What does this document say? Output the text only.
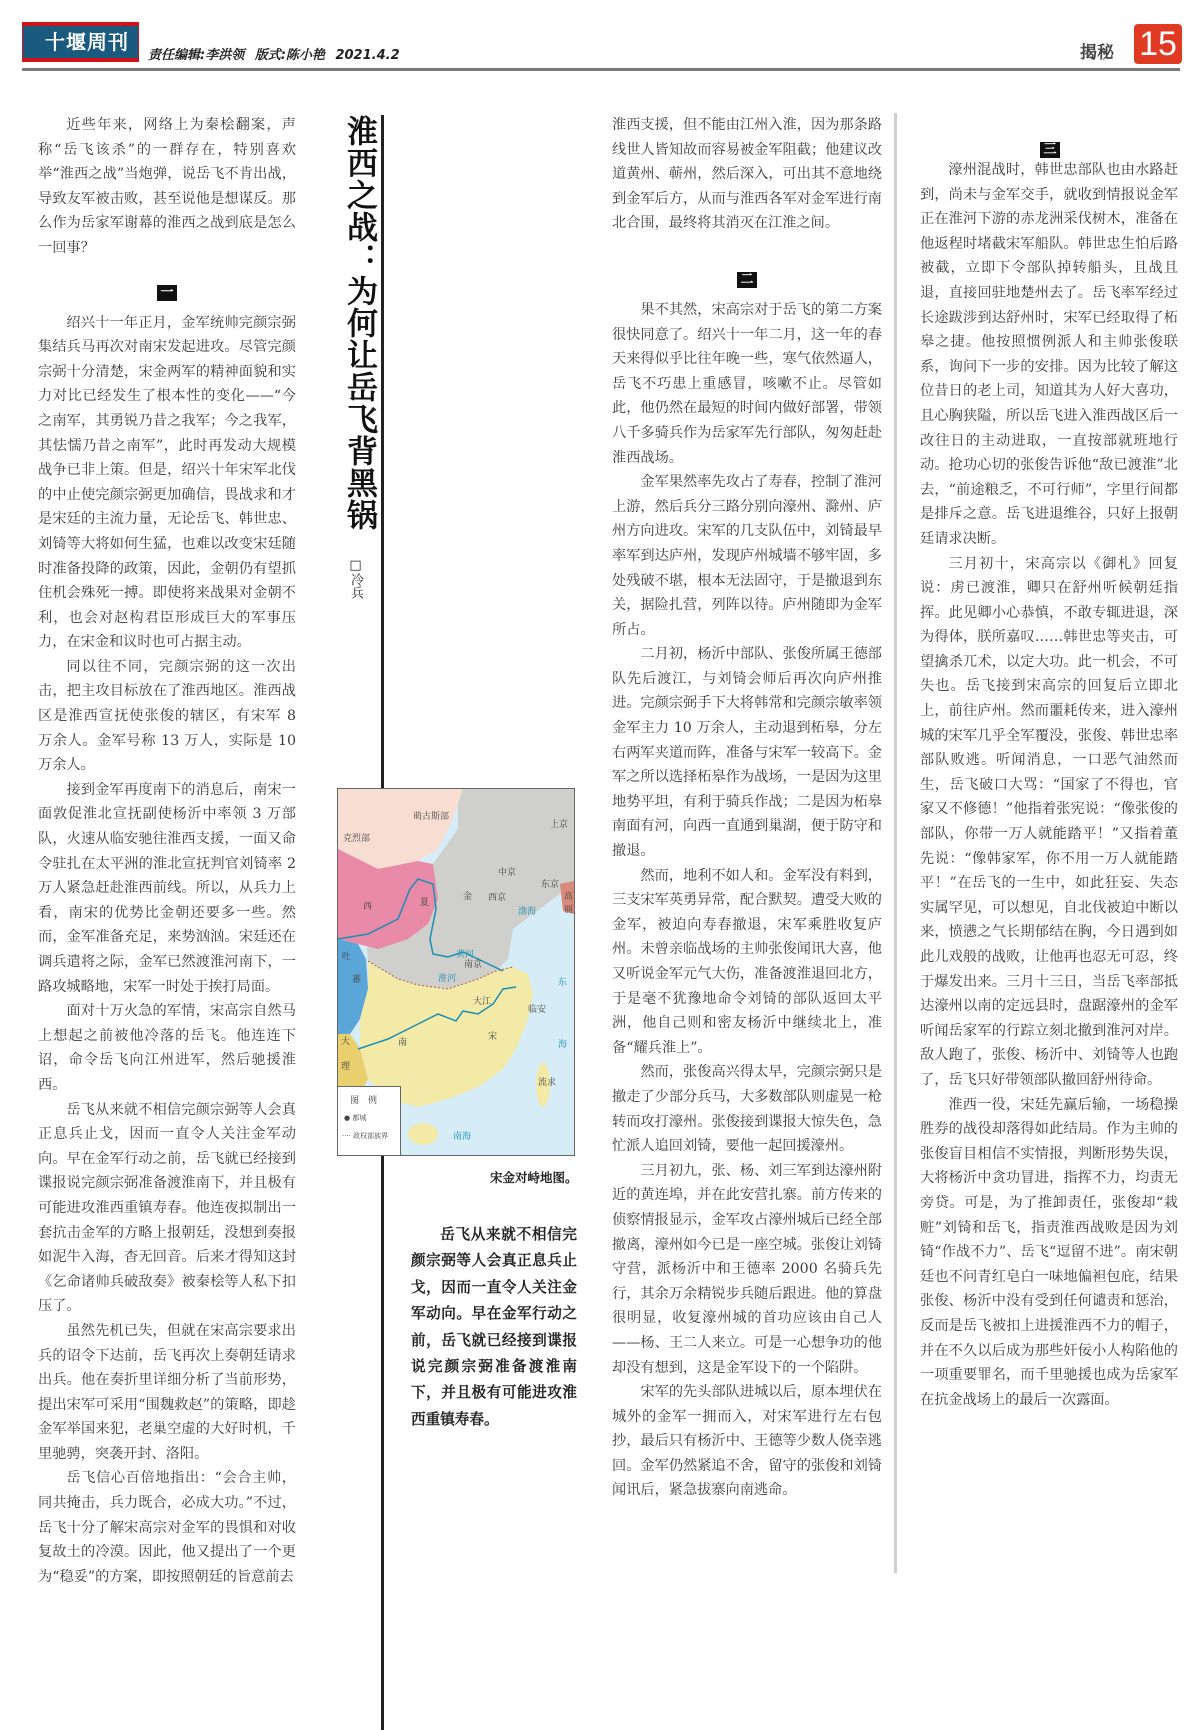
十堰周刊
责任编辑:李洪领 版式:陈小艳 2021.4.2	揭秘 15

近些年来，网络上为秦桧翻案，声称“岳飞该杀”的一群存在，特别喜欢举“淮西之战”当炮弹，说岳飞不肯出战，导致友军被击败，甚至说他是想谋反。那么作为岳家军谢幕的淮西之战到底是怎么一回事？

一

绍兴十一年正月，金军统帅完颜宗弼集结兵马再次对南宋发起进攻。尽管完颜宗弼十分清楚，宋金两军的精神面貌和实力对比已经发生了根本性的变化——“今之南军，其勇锐乃昔之我军；今之我军，其怯懦乃昔之南军”，此时再发动大规模战争已非上策。但是，绍兴十年宋军北伐的中止使完颜宗弼更加确信，畏战求和才是宋廷的主流力量，无论岳飞、韩世忠、刘锜等大将如何生猛，也难以改变宋廷随时准备投降的政策，因此，金朝仍有望抓住机会殊死一搏。即使将来战果对金朝不利，也会对赵构君臣形成巨大的军事压力，在宋金和议时也可占据主动。

同以往不同，完颜宗弼的这一次出击，把主攻目标放在了淮西地区。淮西战区是淮西宣抚使张俊的辖区，有宋军 8 万余人。金军号称 13 万人，实际是 10 万余人。

接到金军再度南下的消息后，南宋一面敦促淮北宣抚副使杨沂中率领 3 万部队，火速从临安驰往淮西支援，一面又命令驻扎在太平洲的淮北宣抚判官刘锜率 2 万人紧急赶赴淮西前线。所以，从兵力上看，南宋的优势比金朝还要多一些。然而，金军准备充足，来势汹汹。宋廷还在调兵遣将之际，金军已然渡淮河南下，一路攻城略地，宋军一时处于挨打局面。

面对十万火急的军情，宋高宗自然马上想起之前被他冷落的岳飞。他连连下诏，命令岳飞向江州进军，然后驰援淮西。

岳飞从来就不相信完颜宗弼等人会真正息兵止戈，因而一直令人关注金军动向。早在金军行动之前，岳飞就已经接到谍报说完颜宗弼准备渡淮南下，并且极有可能进攻淮西重镇寿春。他连夜拟制出一套抗击金军的方略上报朝廷，没想到奏报如泥牛入海，杳无回音。后来才得知这封《乞命诸帅兵破敌奏》被秦桧等人私下扣压了。

虽然先机已失，但就在宋高宗要求出兵的诏令下达前，岳飞再次上奏朝廷请求出兵。他在奏折里详细分析了当前形势，提出宋军可采用“围魏救赵”的策略，即趁金军举国来犯，老巢空虚的大好时机，千里驰骋，突袭开封、洛阳。

岳飞信心百倍地指出：“会合主帅，同共掩击，兵力既合，必成大功。”不过，岳飞十分了解宋高宗对金军的畏惧和对收复故土的冷漠。因此，他又提出了一个更为“稳妥”的方案，即按照朝廷的旨意前去

淮西之战：为何让岳飞背黑锅
□冷兵
克烈部
萌古斯部
上京
中京
东京
西京
金
西	夏
高丽
渤海
吐
蕃
南京
黄河
淮河
大江
临安
南
宋
大
理
东
海
流求
南海
图　例
● 都城
···· 政权部族界
宋金对峙地图。

岳飞从来就不相信完颜宗弼等人会真正息兵止戈，因而一直令人关注金军动向。早在金军行动之前，岳飞就已经接到谍报说完颜宗弼准备渡淮南下，并且极有可能进攻淮西重镇寿春。

淮西支援，但不能由江州入淮，因为那条路线世人皆知故而容易被金军阻截；他建议改道黄州、蕲州，然后深入，可出其不意地绕到金军后方，从而与淮西各军对金军进行南北合围，最终将其消灭在江淮之间。

二

果不其然，宋高宗对于岳飞的第二方案很快同意了。绍兴十一年二月，这一年的春天来得似乎比往年晚一些，寒气依然逼人，岳飞不巧患上重感冒，咳嗽不止。尽管如此，他仍然在最短的时间内做好部署，带领八千多骑兵作为岳家军先行部队，匆匆赶赴淮西战场。

金军果然率先攻占了寿春，控制了淮河上游，然后兵分三路分别向濠州、滁州、庐州方向进攻。宋军的几支队伍中，刘锜最早率军到达庐州，发现庐州城墙不够牢固，多处残破不堪，根本无法固守，于是撤退到东关，据险扎营，列阵以待。庐州随即为金军所占。

二月初，杨沂中部队、张俊所属王德部队先后渡江，与刘锜会师后再次向庐州推进。完颜宗弼手下大将韩常和完颜宗敏率领金军主力 10 万余人，主动退到柘皋，分左右两军夹道而阵，准备与宋军一较高下。金军之所以选择柘皋作为战场，一是因为这里地势平坦，有利于骑兵作战；二是因为柘皋南面有河，向西一直通到巢湖，便于防守和撤退。

然而，地利不如人和。金军没有料到，三支宋军英勇异常，配合默契。遭受大败的金军，被迫向寿春撤退，宋军乘胜收复庐州。未曾亲临战场的主帅张俊闻讯大喜，他又听说金军元气大伤，准备渡淮退回北方，于是毫不犹豫地命令刘锜的部队返回太平洲，他自己则和密友杨沂中继续北上，准备“耀兵淮上”。

然而，张俊高兴得太早，完颜宗弼只是撤走了少部分兵马，大多数部队则虚晃一枪转而攻打濠州。张俊接到谍报大惊失色，急忙派人追回刘锜，要他一起回援濠州。

三月初九，张、杨、刘三军到达濠州附近的黄连埠，并在此安营扎寨。前方传来的侦察情报显示，金军攻占濠州城后已经全部撤离，濠州如今已是一座空城。张俊让刘锜守营，派杨沂中和王德率 2000 名骑兵先行，其余万余精锐步兵随后跟进。他的算盘很明显，收复濠州城的首功应该由自己人——杨、王二人来立。可是一心想争功的他却没有想到，这是金军设下的一个陷阱。

宋军的先头部队进城以后，原本埋伏在城外的金军一拥而入，对宋军进行左右包抄，最后只有杨沂中、王德等少数人侥幸逃回。金军仍然紧追不舍，留守的张俊和刘锜闻讯后，紧急拔寨向南逃命。

三

濠州混战时，韩世忠部队也由水路赶到，尚未与金军交手，就收到情报说金军正在淮河下游的赤龙洲采伐树木，准备在他返程时堵截宋军船队。韩世忠生怕后路被截，立即下令部队掉转船头，且战且退，直接回驻地楚州去了。岳飞率军经过长途跋涉到达舒州时，宋军已经取得了柘皋之捷。他按照惯例派人和主帅张俊联系，询问下一步的安排。因为比较了解这位昔日的老上司，知道其为人好大喜功，且心胸狭隘，所以岳飞进入淮西战区后一改往日的主动进取，一直按部就班地行动。抢功心切的张俊告诉他“敌已渡淮”北去，“前途粮乏，不可行师”，字里行间都是排斥之意。岳飞进退维谷，只好上报朝廷请求决断。

三月初十，宋高宗以《御札》回复说：虏已渡淮，卿只在舒州听候朝廷指挥。此见卿小心恭慎，不敢专辄进退，深为得体，朕所嘉叹……韩世忠等夹击，可望擒杀兀术，以定大功。此一机会，不可失也。岳飞接到宋高宗的回复后立即北上，前往庐州。然而噩耗传来，进入濠州城的宋军几乎全军覆没，张俊、韩世忠率部队败逃。听闻消息，一口恶气油然而生，岳飞破口大骂：“国家了不得也，官家又不修德！”他指着张宪说：“像张俊的部队，你带一万人就能踏平！”又指着董先说：“像韩家军，你不用一万人就能踏平！”在岳飞的一生中，如此狂妄、失态实属罕见，可以想见，自北伐被迫中断以来，愤懑之气长期郁结在胸，今日遇到如此儿戏般的战败，让他再也忍无可忍，终于爆发出来。三月十三日，当岳飞率部抵达濠州以南的定远县时，盘踞濠州的金军听闻岳家军的行踪立刻北撤到淮河对岸。敌人跑了，张俊、杨沂中、刘锜等人也跑了，岳飞只好带领部队撤回舒州待命。

淮西一役，宋廷先赢后输，一场稳操胜券的战役却落得如此结局。作为主帅的张俊盲目相信不实情报，判断形势失误，大将杨沂中贪功冒进，指挥不力，均责无旁贷。可是，为了推卸责任，张俊却“栽赃”刘锜和岳飞，指责淮西战败是因为刘锜“作战不力”、岳飞“逗留不进”。南宋朝廷也不问青红皂白一味地偏袒包庇，结果张俊、杨沂中没有受到任何谴责和惩治，反而是岳飞被扣上进援淮西不力的帽子，并在不久以后成为那些奸佞小人构陷他的一项重要罪名，而千里驰援也成为岳家军在抗金战场上的最后一次露面。
